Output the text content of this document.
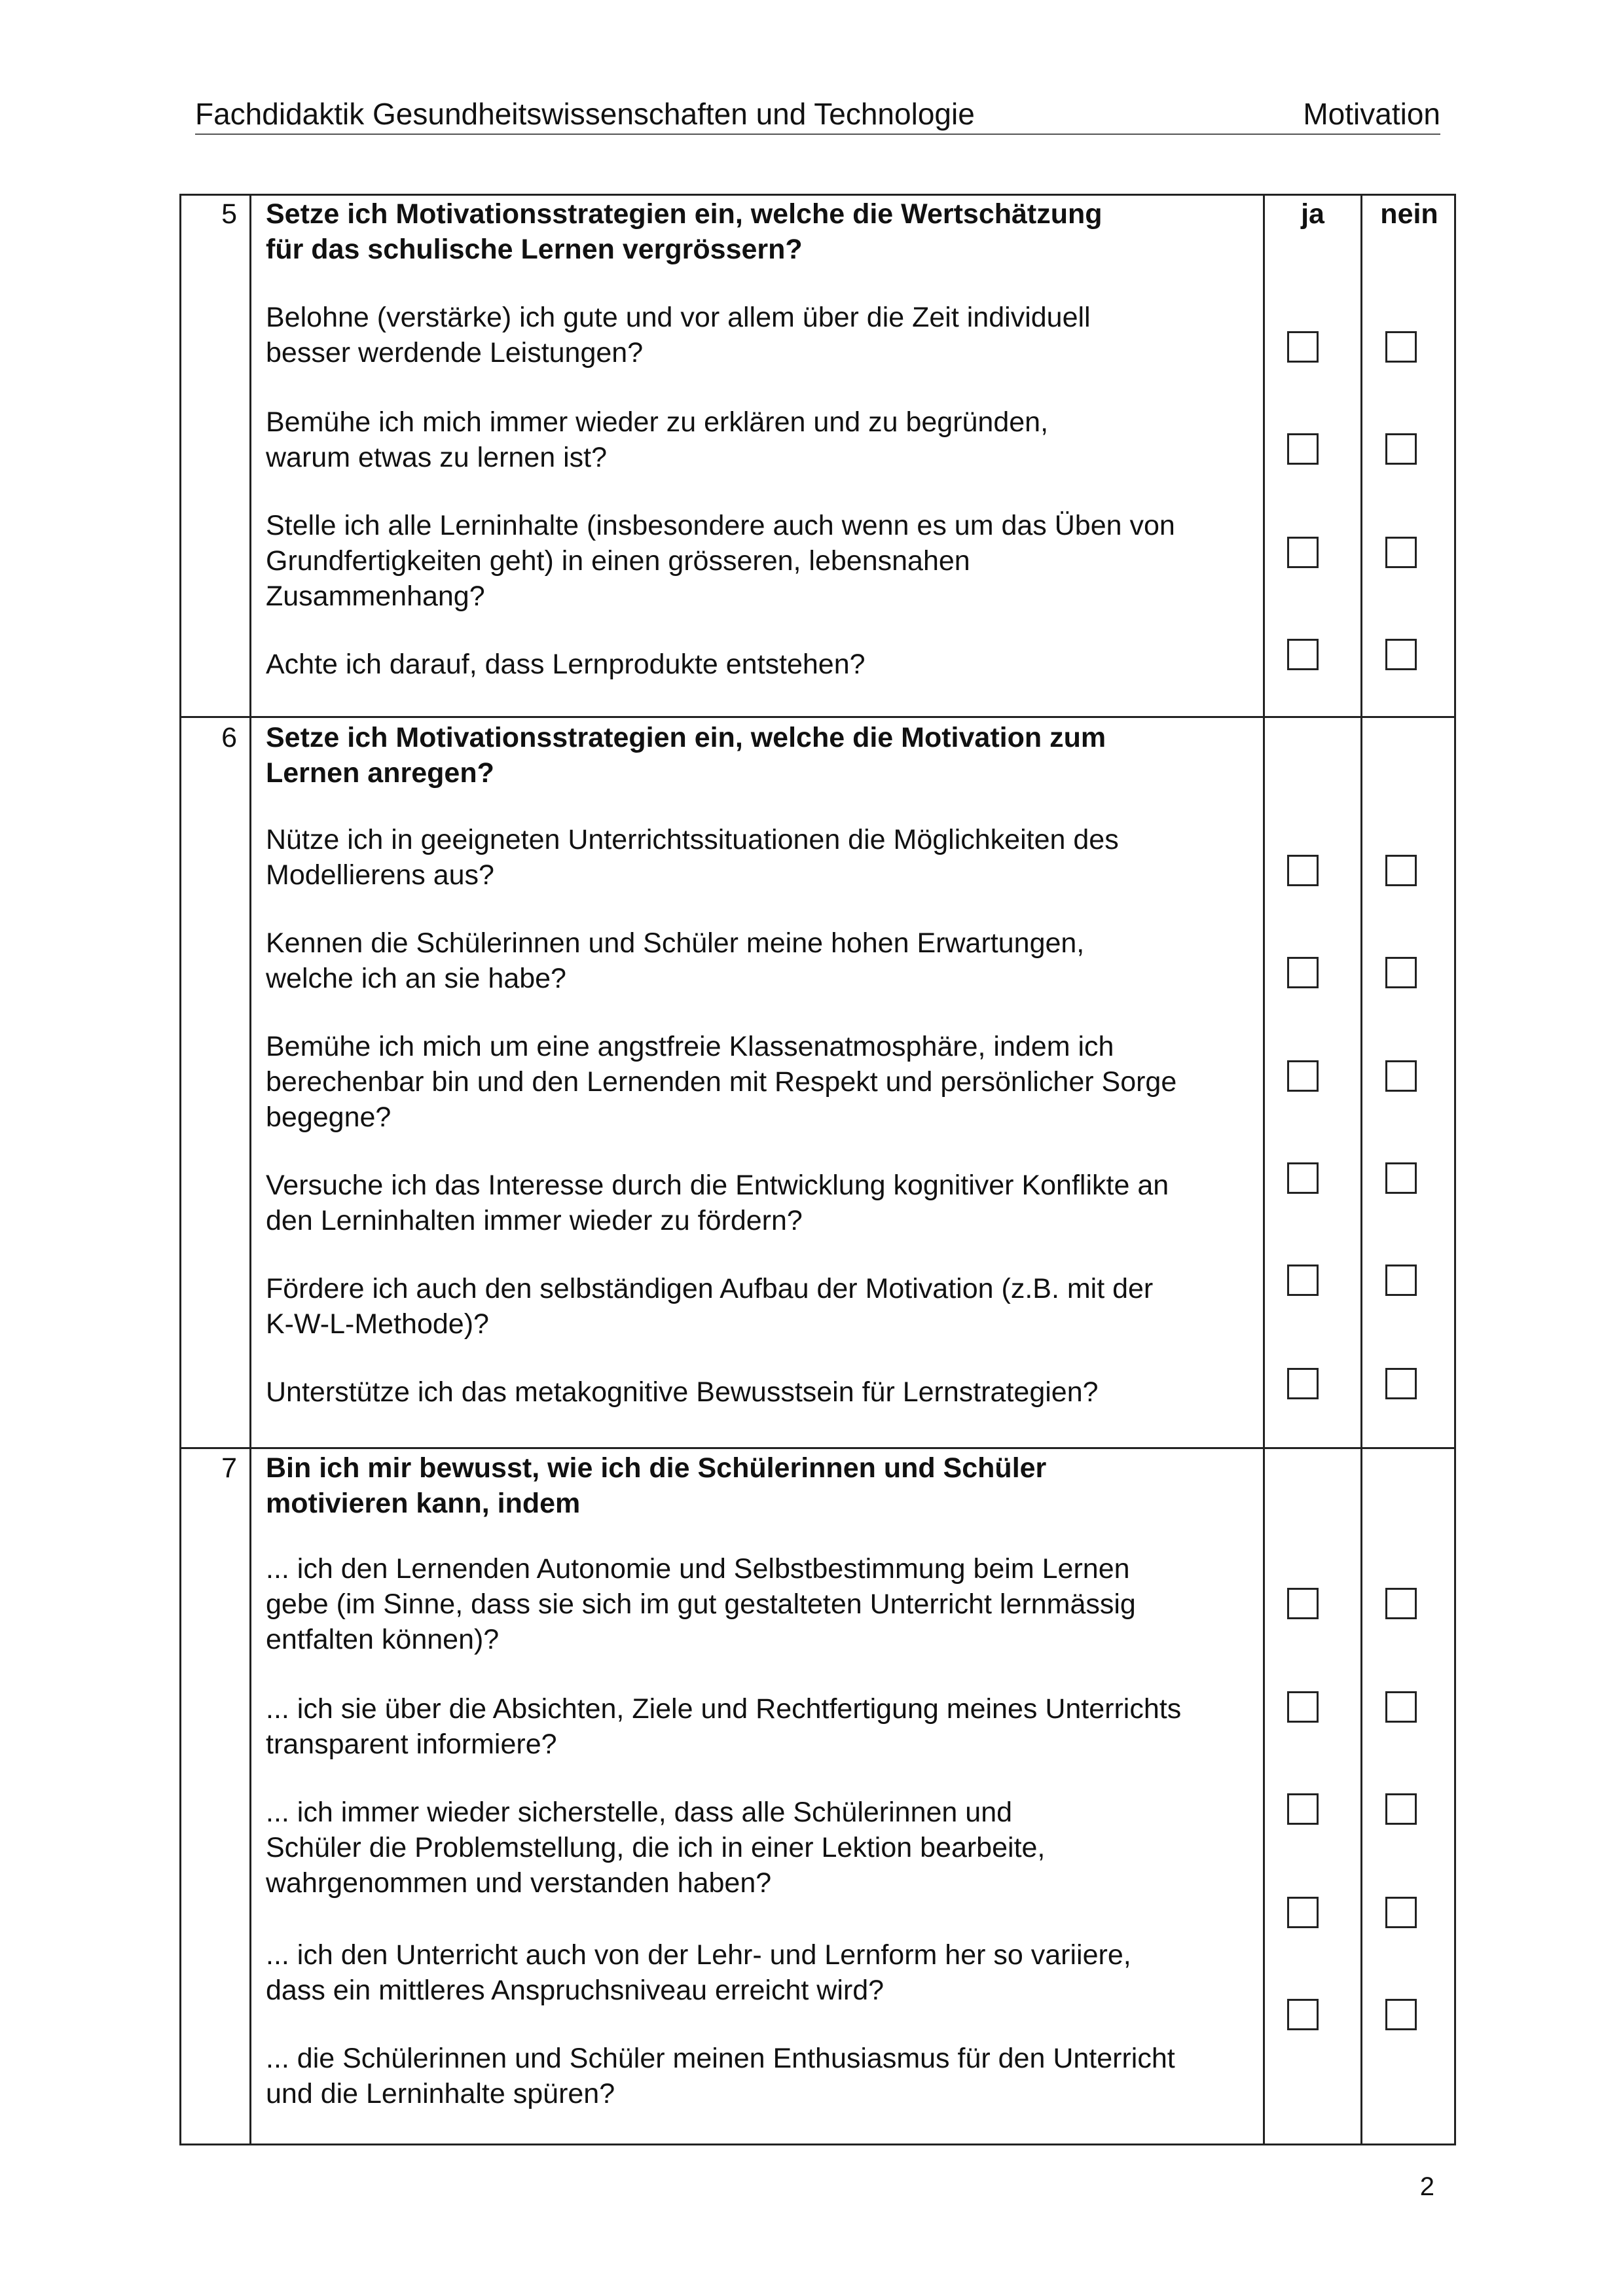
Fachdidaktik Gesundheitswissenschaften und Technologie	Motivation
ja	nein
5 Setze ich Motivationsstrategien ein, welche die Wertschätzung
für das schulische Lernen vergrössern?
Belohne (verstärke) ich gute und vor allem über die Zeit individuell
besser werdende Leistungen?
Bemühe ich mich immer wieder zu erklären und zu begründen,
warum etwas zu lernen ist?
Stelle ich alle Lerninhalte (insbesondere auch wenn es um das Üben von
Grundfertigkeiten geht) in einen grösseren, lebensnahen
Zusammenhang?
Achte ich darauf, dass Lernprodukte entstehen?
6 Setze ich Motivationsstrategien ein, welche die Motivation zum
Lernen anregen?
Nütze ich in geeigneten Unterrichtssituationen die Möglichkeiten des
Modellierens aus?
Kennen die Schülerinnen und Schüler meine hohen Erwartungen,
welche ich an sie habe?
Bemühe ich mich um eine angstfreie Klassenatmosphäre, indem ich
berechenbar bin und den Lernenden mit Respekt und persönlicher Sorge
begegne?
Versuche ich das Interesse durch die Entwicklung kognitiver Konflikte an
den Lerninhalten immer wieder zu fördern?
Fördere ich auch den selbständigen Aufbau der Motivation (z.B. mit der
K-W-L-Methode)?
Unterstütze ich das metakognitive Bewusstsein für Lernstrategien?
7 Bin ich mir bewusst, wie ich die Schülerinnen und Schüler
motivieren kann, indem
... ich den Lernenden Autonomie und Selbstbestimmung beim Lernen
gebe (im Sinne, dass sie sich im gut gestalteten Unterricht lernmässig
entfalten können)?
... ich sie über die Absichten, Ziele und Rechtfertigung meines Unterrichts
transparent informiere?
... ich immer wieder sicherstelle, dass alle Schülerinnen und
Schüler die Problemstellung, die ich in einer Lektion bearbeite,
wahrgenommen und verstanden haben?
... ich den Unterricht auch von der Lehr- und Lernform her so variiere,
dass ein mittleres Anspruchsniveau erreicht wird?
... die Schülerinnen und Schüler meinen Enthusiasmus für den Unterricht
und die Lerninhalte spüren?
2
